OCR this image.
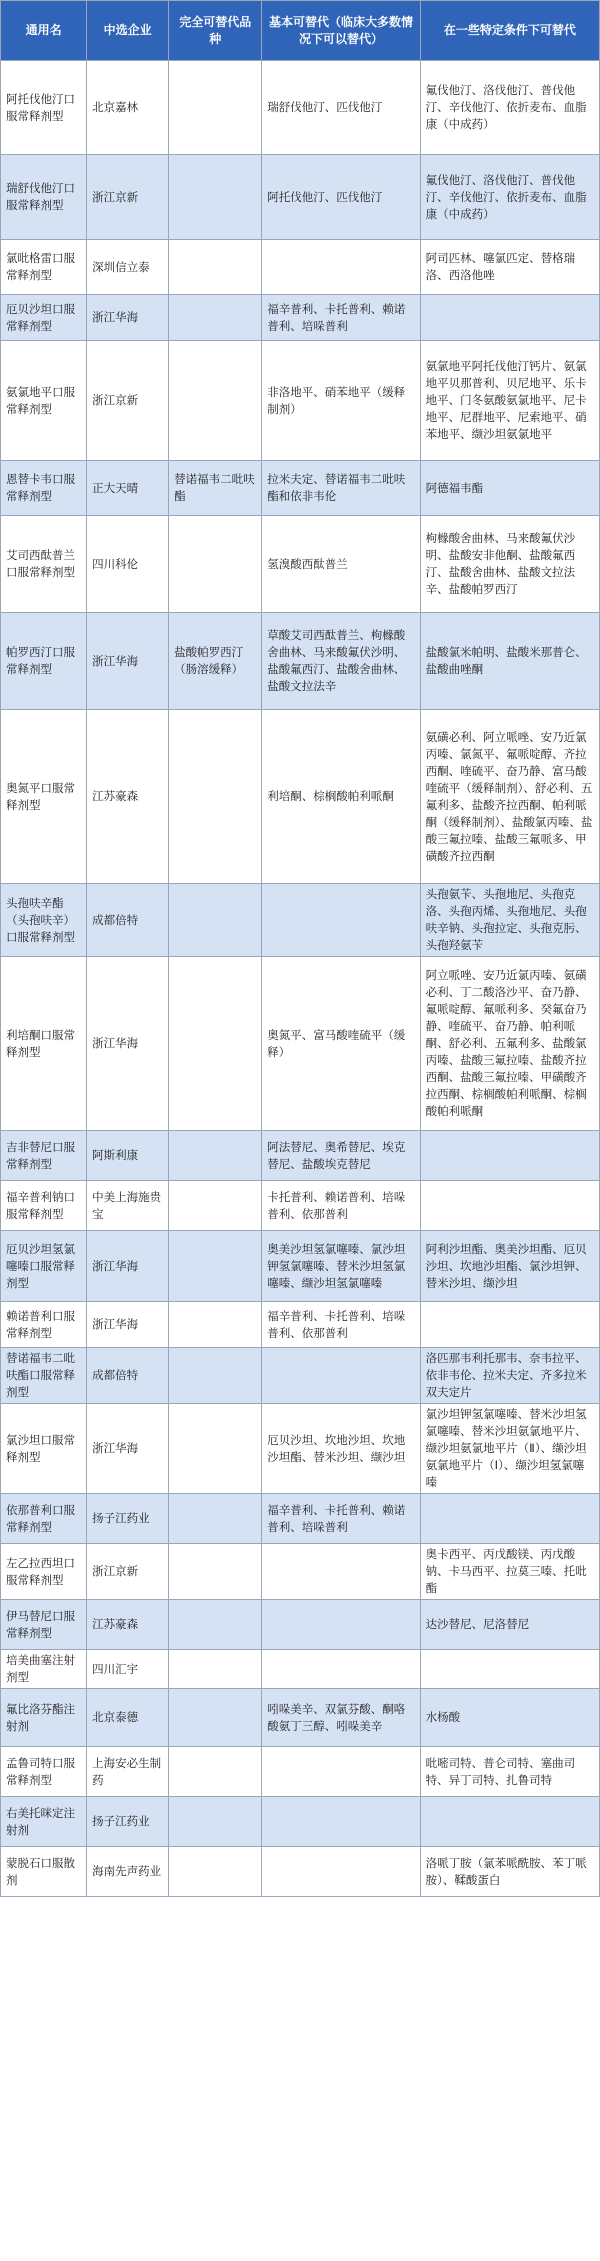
通用名	中选企业	完全可替代品种	基本可替代（临床大多数情况下可以替代）	在一些特定条件下可替代
阿托伐他汀口服常释剂型	北京嘉林		瑞舒伐他汀、匹伐他汀	氟伐他汀、洛伐他汀、普伐他汀、辛伐他汀、依折麦布、血脂康（中成药）
瑞舒伐他汀口服常释剂型	浙江京新		阿托伐他汀、匹伐他汀	氟伐他汀、洛伐他汀、普伐他汀、辛伐他汀、依折麦布、血脂康（中成药）
氯吡格雷口服常释剂型	深圳信立泰			阿司匹林、噻氯匹定、替格瑞洛、西洛他唑
厄贝沙坦口服常释剂型	浙江华海		福辛普利、卡托普利、赖诺普利、培哚普利	
氨氯地平口服常释剂型	浙江京新		非洛地平、硝苯地平（缓释制剂）	氨氯地平阿托伐他汀钙片、氨氯地平贝那普利、贝尼地平、乐卡地平、门冬氨酸氨氯地平、尼卡地平、尼群地平、尼索地平、硝苯地平、缬沙坦氨氯地平
恩替卡韦口服常释剂型	正大天晴	替诺福韦二吡呋酯	拉米夫定、替诺福韦二吡呋酯和依非韦伦	阿德福韦酯
艾司西酞普兰口服常释剂型	四川科伦		氢溴酸西酞普兰	枸橼酸舍曲林、马来酸氟伏沙明、盐酸安非他酮、盐酸氟西汀、盐酸舍曲林、盐酸文拉法辛、盐酸帕罗西汀
帕罗西汀口服常释剂型	浙江华海	盐酸帕罗西汀（肠溶缓释）	草酸艾司西酞普兰、枸橼酸舍曲林、马来酸氟伏沙明、盐酸氟西汀、盐酸舍曲林、盐酸文拉法辛	盐酸氯米帕明、盐酸米那普仑、盐酸曲唑酮
奥氮平口服常释剂型	江苏豪森		利培酮、棕榈酸帕利哌酮	氨磺必利、阿立哌唑、安乃近氯丙嗪、氯氮平、氟哌啶醇、齐拉西酮、喹硫平、奋乃静、富马酸喹硫平（缓释制剂）、舒必利、五氟利多、盐酸齐拉西酮、帕利哌酮（缓释制剂）、盐酸氯丙嗪、盐酸三氟拉嗪、盐酸三氟哌多、甲磺酸齐拉西酮
头孢呋辛酯（头孢呋辛）口服常释剂型	成都倍特			头孢氨苄、头孢地尼、头孢克洛、头孢丙烯、头孢地尼、头孢呋辛钠、头孢拉定、头孢克肟、头孢羟氨苄
利培酮口服常释剂型	浙江华海		奥氮平、富马酸喹硫平（缓释）	阿立哌唑、安乃近氯丙嗪、氨磺必利、丁二酸洛沙平、奋乃静、氟哌啶醇、氟哌利多、癸氟奋乃静、喹硫平、奋乃静、帕利哌酮、舒必利、五氟利多、盐酸氯丙嗪、盐酸三氟拉嗪、盐酸齐拉西酮、盐酸三氟拉嗪、甲磺酸齐拉西酮、棕榈酸帕利哌酮、棕榈酸帕利哌酮
吉非替尼口服常释剂型	阿斯利康		阿法替尼、奥希替尼、埃克替尼、盐酸埃克替尼	
福辛普利钠口服常释剂型	中美上海施贵宝		卡托普利、赖诺普利、培哚普利、依那普利	
厄贝沙坦氢氯噻嗪口服常释剂型	浙江华海		奥美沙坦氢氯噻嗪、氯沙坦钾氢氯噻嗪、替米沙坦氢氯噻嗪、缬沙坦氢氯噻嗪	阿利沙坦酯、奥美沙坦酯、厄贝沙坦、坎地沙坦酯、氯沙坦钾、替米沙坦、缬沙坦
赖诺普利口服常释剂型	浙江华海		福辛普利、卡托普利、培哚普利、依那普利	
替诺福韦二吡呋酯口服常释剂型	成都倍特			洛匹那韦利托那韦、奈韦拉平、依非韦伦、拉米夫定、齐多拉米双夫定片
氯沙坦口服常释剂型	浙江华海		厄贝沙坦、坎地沙坦、坎地沙坦酯、替米沙坦、缬沙坦	氯沙坦钾氢氯噻嗪、替米沙坦氢氯噻嗪、替米沙坦氨氯地平片、缬沙坦氨氯地平片（Ⅱ）、缬沙坦氨氯地平片（Ⅰ）、缬沙坦氢氯噻嗪
依那普利口服常释剂型	扬子江药业		福辛普利、卡托普利、赖诺普利、培哚普利	
左乙拉西坦口服常释剂型	浙江京新			奥卡西平、丙戊酸镁、丙戊酸钠、卡马西平、拉莫三嗪、托吡酯
伊马替尼口服常释剂型	江苏豪森			达沙替尼、尼洛替尼
培美曲塞注射剂型	四川汇宇			
氟比洛芬酯注射剂	北京泰德		吲哚美辛、双氯芬酸、酮咯酸氨丁三醇、吲哚美辛	水杨酸
孟鲁司特口服常释剂型	上海安必生制药			吡嘧司特、普仑司特、塞曲司特、异丁司特、扎鲁司特
右美托咪定注射剂	扬子江药业			
蒙脱石口服散剂	海南先声药业			洛哌丁胺（氯苯哌酰胺、苯丁哌胺）、鞣酸蛋白
